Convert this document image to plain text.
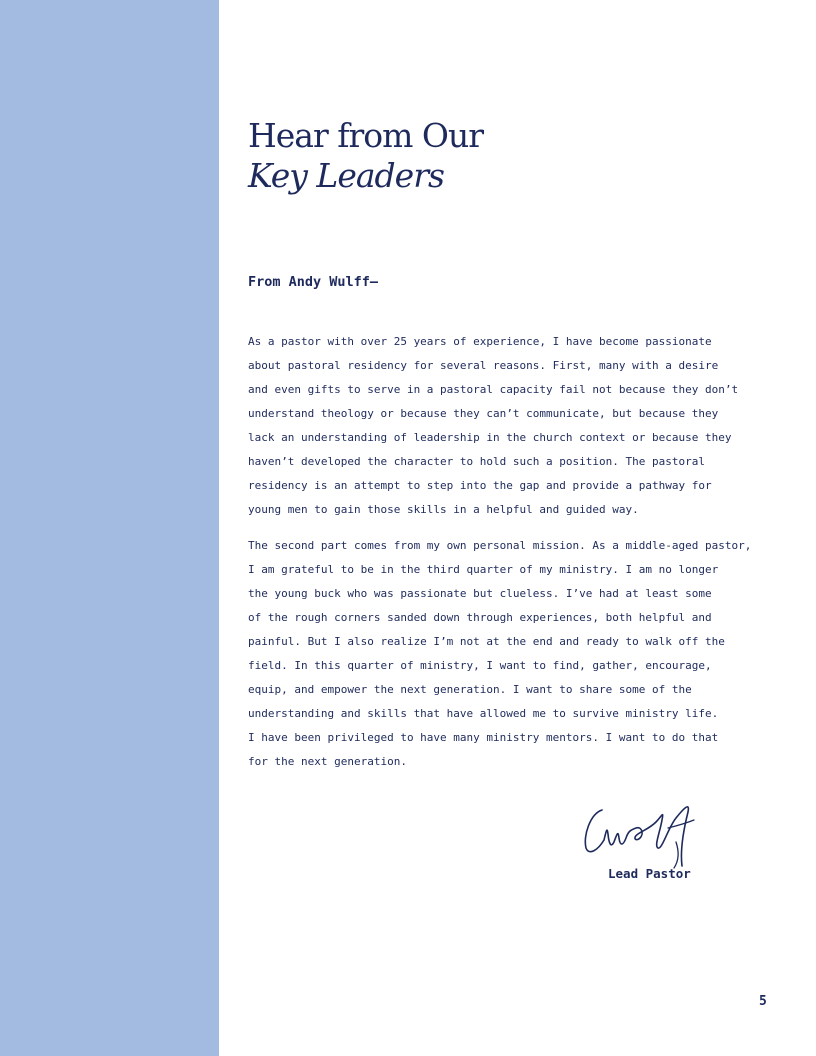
Hear from Our
Key Leaders
From Andy Wulff—

As a pastor with over 25 years of experience, I have become passionate
about pastoral residency for several reasons. First, many with a desire
and even gifts to serve in a pastoral capacity fail not because they don’t
understand theology or because they can’t communicate, but because they
lack an understanding of leadership in the church context or because they
haven’t developed the character to hold such a position. The pastoral
residency is an attempt to step into the gap and provide a pathway for
young men to gain those skills in a helpful and guided way.

The second part comes from my own personal mission. As a middle-aged pastor,
I am grateful to be in the third quarter of my ministry. I am no longer
the young buck who was passionate but clueless. I’ve had at least some
of the rough corners sanded down through experiences, both helpful and
painful. But I also realize I’m not at the end and ready to walk off the
field. In this quarter of ministry, I want to find, gather, encourage,
equip, and empower the next generation. I want to share some of the
understanding and skills that have allowed me to survive ministry life.
I have been privileged to have many ministry mentors. I want to do that
for the next generation.

Lead Pastor
5
